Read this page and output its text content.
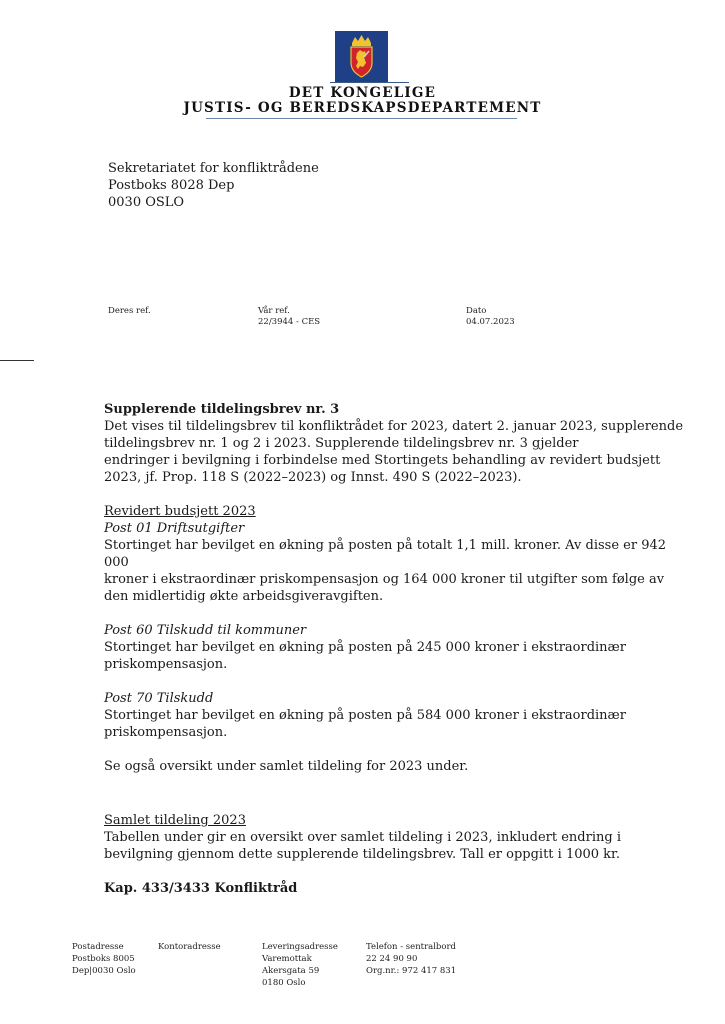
DET KONGELIGE
JUSTIS- OG BEREDSKAPSDEPARTEMENT
Sekretariatet for konfliktrådene
Postboks 8028 Dep
0030 OSLO
Deres ref.	Vår ref.
22/3944 - CES
Dato
04.07.2023

Supplerende tildelingsbrev nr. 3

Det vises til tildelingsbrev til konfliktrådet for 2023, datert 2. januar 2023, supplerende

tildelingsbrev nr. 1 og 2 i 2023. Supplerende tildelingsbrev nr. 3 gjelder

endringer i bevilgning i forbindelse med Stortingets behandling av revidert budsjett

2023, jf. Prop. 118 S (2022–2023) og Innst. 490 S (2022–2023).

Revidert budsjett 2023

Post 01 Driftsutgifter

Stortinget har bevilget en økning på posten på totalt 1,1 mill. kroner. Av disse er 942 000

kroner i ekstraordinær priskompensasjon og 164 000 kroner til utgifter som følge av

den midlertidig økte arbeidsgiveravgiften.

Post 60 Tilskudd til kommuner

Stortinget har bevilget en økning på posten på 245 000 kroner i ekstraordinær

priskompensasjon.

Post 70 Tilskudd

Stortinget har bevilget en økning på posten på 584 000 kroner i ekstraordinær

priskompensasjon.

Se også oversikt under samlet tildeling for 2023 under.

Samlet tildeling 2023

Tabellen under gir en oversikt over samlet tildeling i 2023, inkludert endring i

bevilgning gjennom dette supplerende tildelingsbrev. Tall er oppgitt i 1000 kr.

Kap. 433/3433 Konfliktråd

Postadresse
Postboks 8005
Dep|0030 Oslo
Kontoradresse	Leveringsadresse
Varemottak
Akersgata 59
0180 Oslo
Telefon - sentralbord
22 24 90 90
Org.nr.: 972 417 831
